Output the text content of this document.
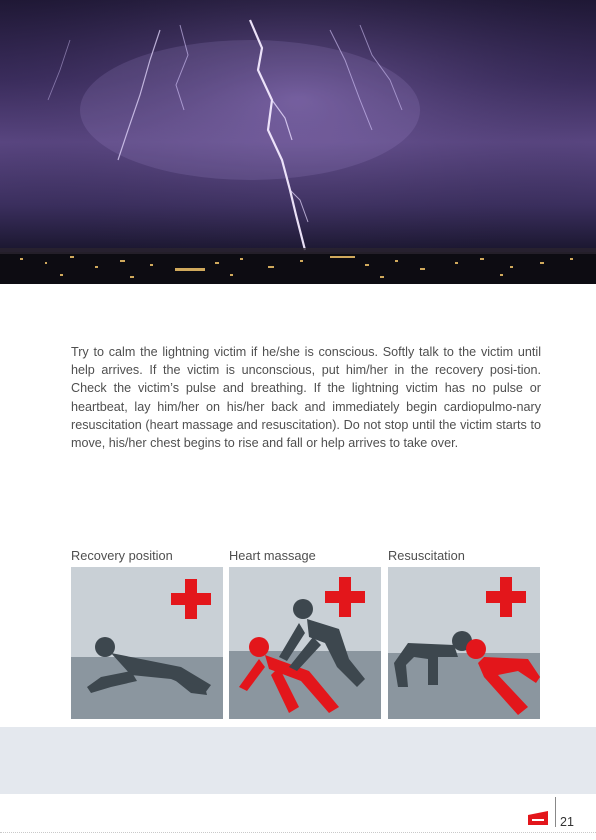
Try to calm the lightning victim if he/she is conscious. Softly talk to the victim until help arrives. If the victim is unconscious, put him/her in the recovery posi-tion. Check the victim’s pulse and breathing. If the lightning victim has no pulse or heartbeat, lay him/her on his/her back and immediately begin cardiopulmo-nary resuscitation (heart massage and resuscitation). Do not stop until the victim starts to move, his/her chest begins to rise and fall or help arrives to take over.

Recovery position	Heart massage	Resuscitation
21
